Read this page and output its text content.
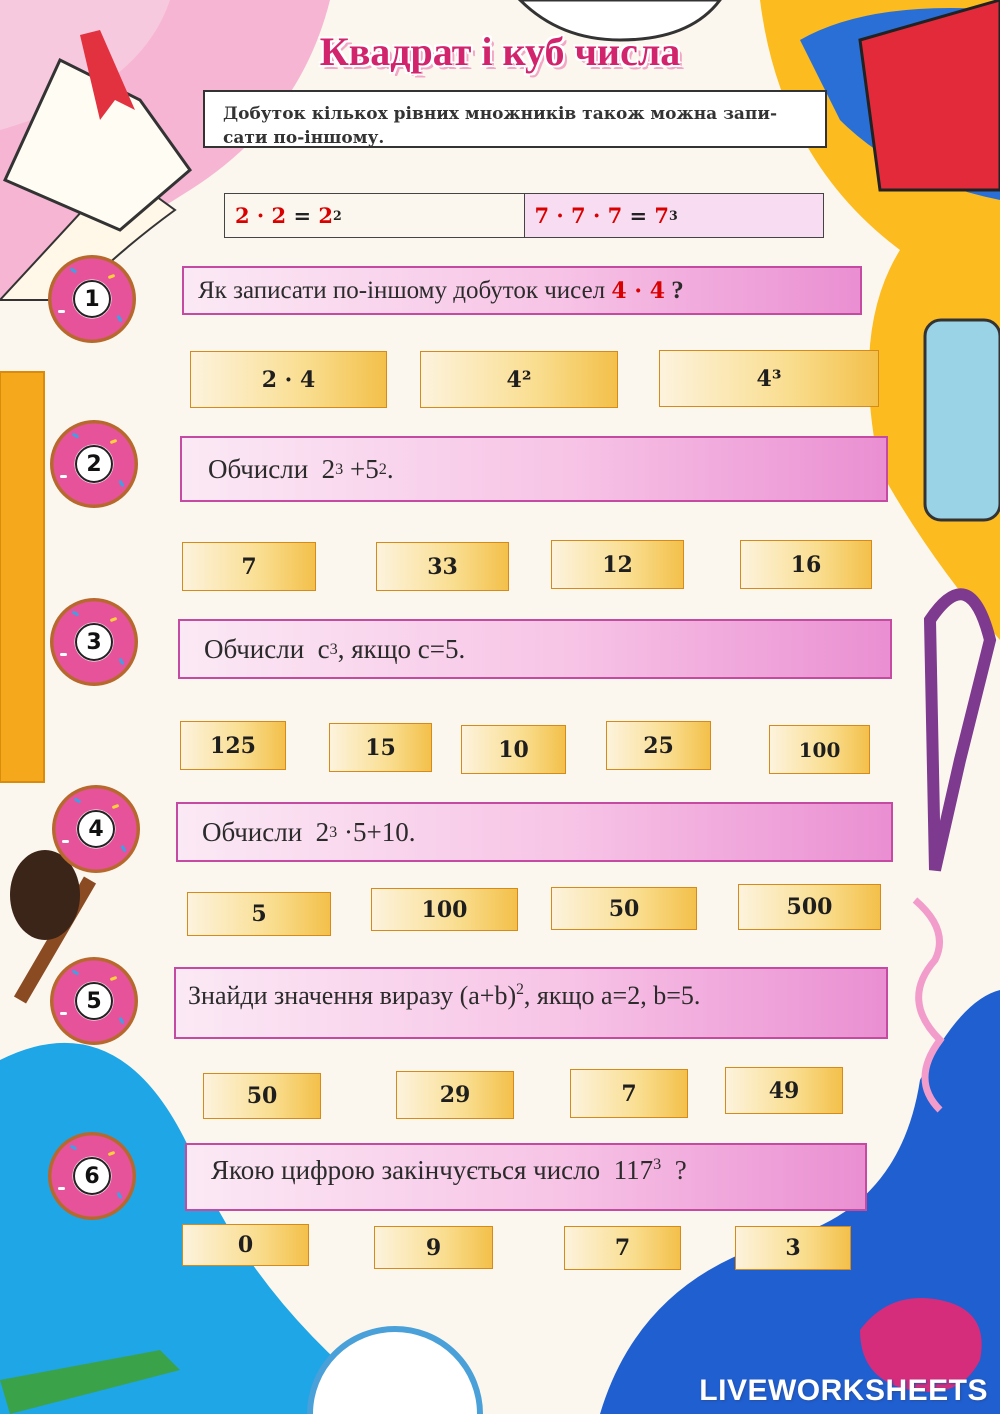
Квадрат і куб числа
Добуток кількох рівних множників також можна запи- сати по-іншому.
2 · 2 = 2 2	7 · 7 · 7 = 7 3
1	Як записати по-іншому добуток чисел 4 · 4 ?
2 · 4	4²	4³
2	Обчисли  2 3 +5 2 .
7	33	12	16
3	Обчисли  c 3 , якщо c=5.
125	15	10	25	100
4	Обчисли  2 3 ·5+10.
5	100	50	500
5	Знайди значення виразу $(a+b)^2$ , якщо a=2, b=5.
50	29	7	49
6	Якою цифрою закінчується число  $117^3$ ?
0	9	7	3
LIVEWORKSHEETS
